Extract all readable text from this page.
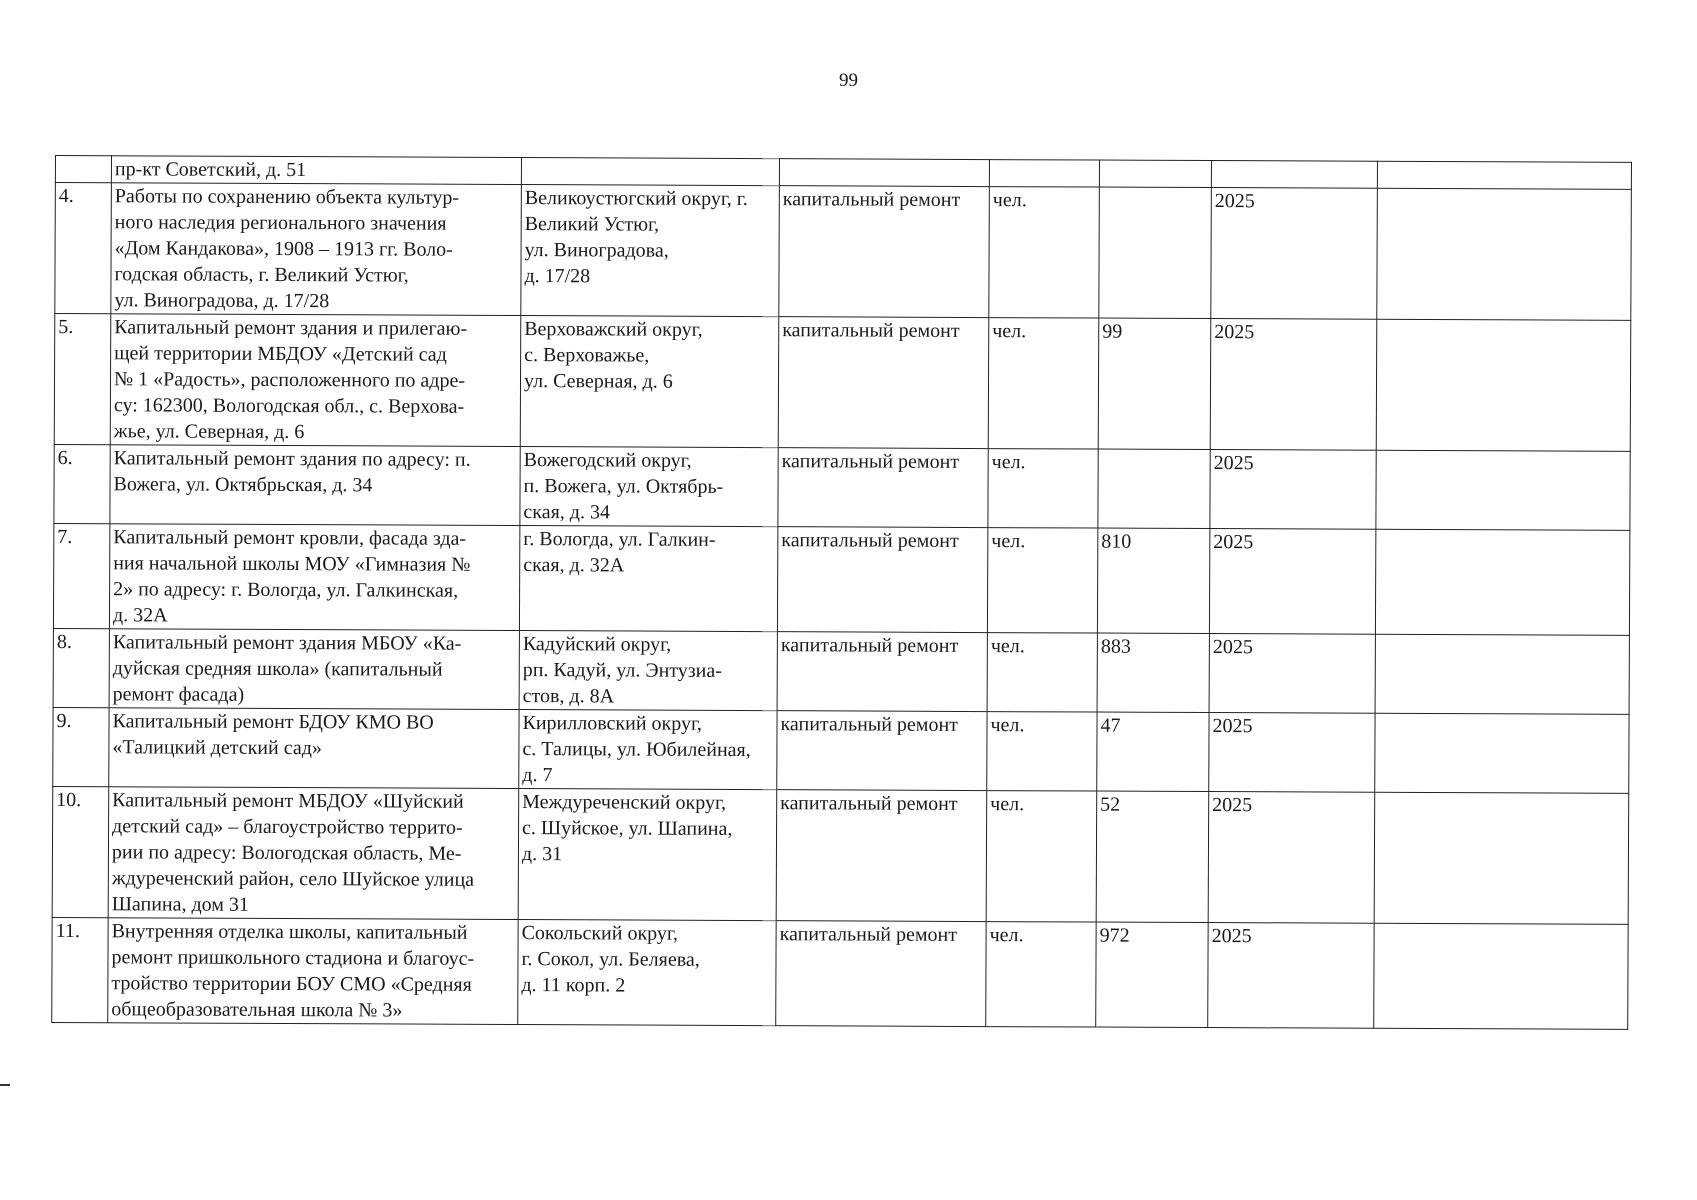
99
	пр-кт Советский, д. 51						
4.	Работы по сохранению объекта культур-
ного наследия регионального значения
«Дом Кандакова», 1908 – 1913 гг. Воло-
годская область, г. Великий Устюг,
ул. Виноградова, д. 17/28	Великоустюгский округ, г.
Великий Устюг,
ул. Виноградова,
д. 17/28	капитальный ремонт	чел.		2025	
5.	Капитальный ремонт здания и прилегаю-
щей территории МБДОУ «Детский сад
№ 1 «Радость», расположенного по адре-
су: 162300, Вологодская обл., с. Верхова-
жье, ул. Северная, д. 6	Верховажский округ,
с. Верховажье,
ул. Северная, д. 6	капитальный ремонт	чел.	99	2025	
6.	Капитальный ремонт здания по адресу: п.
Вожега, ул. Октябрьская, д. 34	Вожегодский округ,
п. Вожега, ул. Октябрь-
ская, д. 34	капитальный ремонт	чел.		2025	
7.	Капитальный ремонт кровли, фасада зда-
ния начальной школы МОУ «Гимназия №
2» по адресу: г. Вологда, ул. Галкинская,
д. 32А	г. Вологда, ул. Галкин-
ская, д. 32А	капитальный ремонт	чел.	810	2025	
8.	Капитальный ремонт здания МБОУ «Ка-
дуйская средняя школа» (капитальный
ремонт фасада)	Кадуйский округ,
рп. Кадуй, ул. Энтузиа-
стов, д. 8А	капитальный ремонт	чел.	883	2025	
9.	Капитальный ремонт БДОУ КМО ВО
«Талицкий детский сад»	Кирилловский округ,
с. Талицы, ул. Юбилейная,
д. 7	капитальный ремонт	чел.	47	2025	
10.	Капитальный ремонт МБДОУ «Шуйский
детский сад» – благоустройство террито-
рии по адресу: Вологодская область, Ме-
ждуреченский район, село Шуйское улица
Шапина, дом 31	Междуреченский округ,
с. Шуйское, ул. Шапина,
д. 31	капитальный ремонт	чел.	52	2025	
11.	Внутренняя отделка школы, капитальный
ремонт пришкольного стадиона и благоус-
тройство территории БОУ СМО «Средняя
общеобразовательная школа № 3»	Сокольский округ,
г. Сокол, ул. Беляева,
д. 11 корп. 2	капитальный ремонт	чел.	972	2025	
